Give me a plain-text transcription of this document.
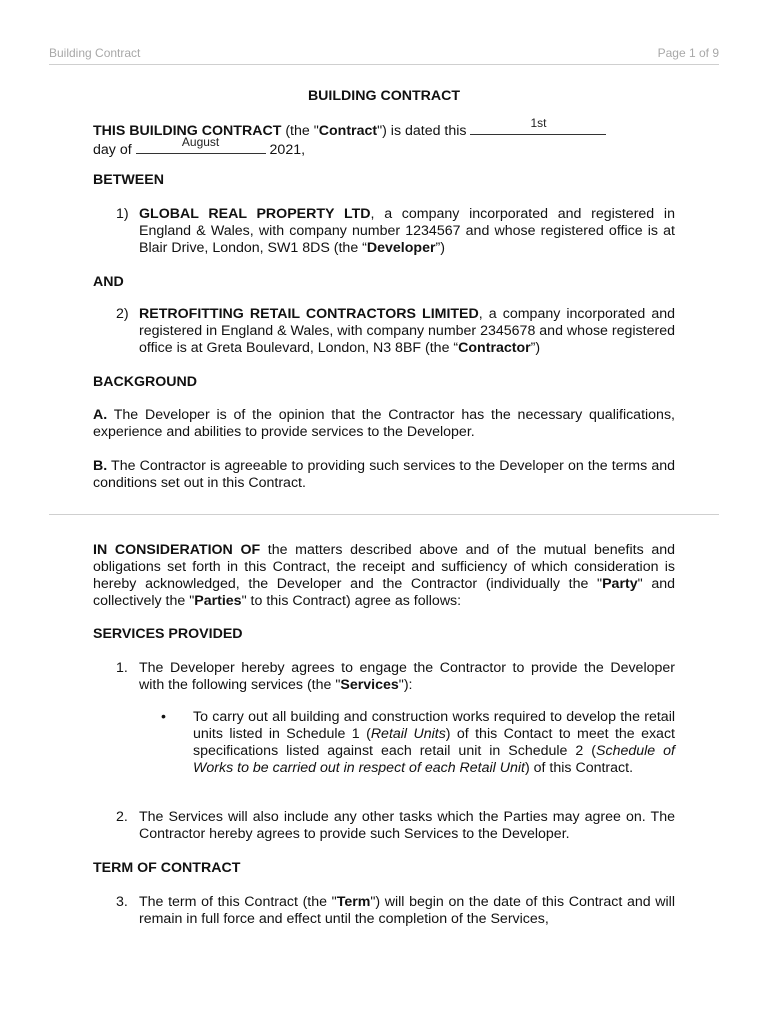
Building Contract	Page 1 of 9
BUILDING CONTRACT
THIS BUILDING CONTRACT (the "Contract") is dated this	1st

day of	August	2021,
BETWEEN
1) GLOBAL REAL PROPERTY LTD, a company incorporated and registered in England & Wales, with company number 1234567 and whose registered office is at Blair Drive, London, SW1 8DS (the “Developer”)
AND
2) RETROFITTING RETAIL CONTRACTORS LIMITED, a company incorporated and registered in England & Wales, with company number 2345678 and whose registered office is at Greta Boulevard, London, N3 8BF (the “Contractor”)
BACKGROUND
A. The Developer is of the opinion that the Contractor has the necessary qualifications, experience and abilities to provide services to the Developer.
B. The Contractor is agreeable to providing such services to the Developer on the terms and conditions set out in this Contract.
IN CONSIDERATION OF the matters described above and of the mutual benefits and obligations set forth in this Contract, the receipt and sufficiency of which consideration is hereby acknowledged, the Developer and the Contractor (individually the "Party" and collectively the "Parties" to this Contract) agree as follows:
SERVICES PROVIDED
1. The Developer hereby agrees to engage the Contractor to provide the Developer with the following services (the "Services"):
• To carry out all building and construction works required to develop the retail units listed in Schedule 1 (Retail Units) of this Contact to meet the exact specifications listed against each retail unit in Schedule 2 (Schedule of Works to be carried out in respect of each Retail Unit) of this Contract.
2. The Services will also include any other tasks which the Parties may agree on. The Contractor hereby agrees to provide such Services to the Developer.
TERM OF CONTRACT
3. The term of this Contract (the "Term") will begin on the date of this Contract and will remain in full force and effect until the completion of the Services,
